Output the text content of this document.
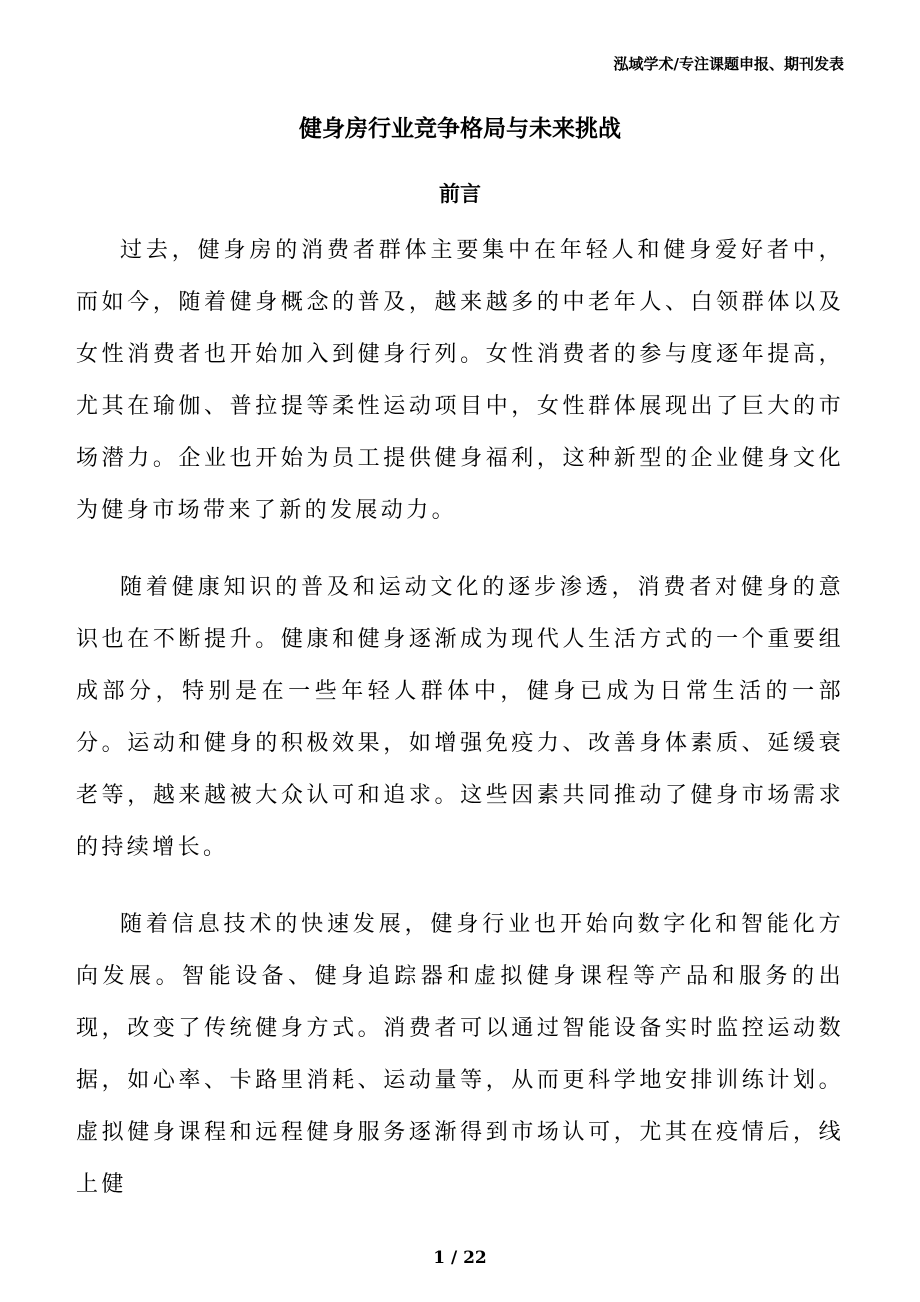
泓域学术/专注课题申报、期刊发表
健身房行业竞争格局与未来挑战
前言

过去，健身房的消费者群体主要集中在年轻人和健身爱好者中，而如今，随着健身概念的普及，越来越多的中老年人、白领群体以及女性消费者也开始加入到健身行列。女性消费者的参与度逐年提高，尤其在瑜伽、普拉提等柔性运动项目中，女性群体展现出了巨大的市场潜力。企业也开始为员工提供健身福利，这种新型的企业健身文化为健身市场带来了新的发展动力。

随着健康知识的普及和运动文化的逐步渗透，消费者对健身的意识也在不断提升。健康和健身逐渐成为现代人生活方式的一个重要组成部分，特别是在一些年轻人群体中，健身已成为日常生活的一部分。运动和健身的积极效果，如增强免疫力、改善身体素质、延缓衰老等，越来越被大众认可和追求。这些因素共同推动了健身市场需求的持续增长。

随着信息技术的快速发展，健身行业也开始向数字化和智能化方向发展。智能设备、健身追踪器和虚拟健身课程等产品和服务的出现，改变了传统健身方式。消费者可以通过智能设备实时监控运动数据，如心率、卡路里消耗、运动量等，从而更科学地安排训练计划。虚拟健身课程和远程健身服务逐渐得到市场认可，尤其在疫情后，线上健

1 / 22
